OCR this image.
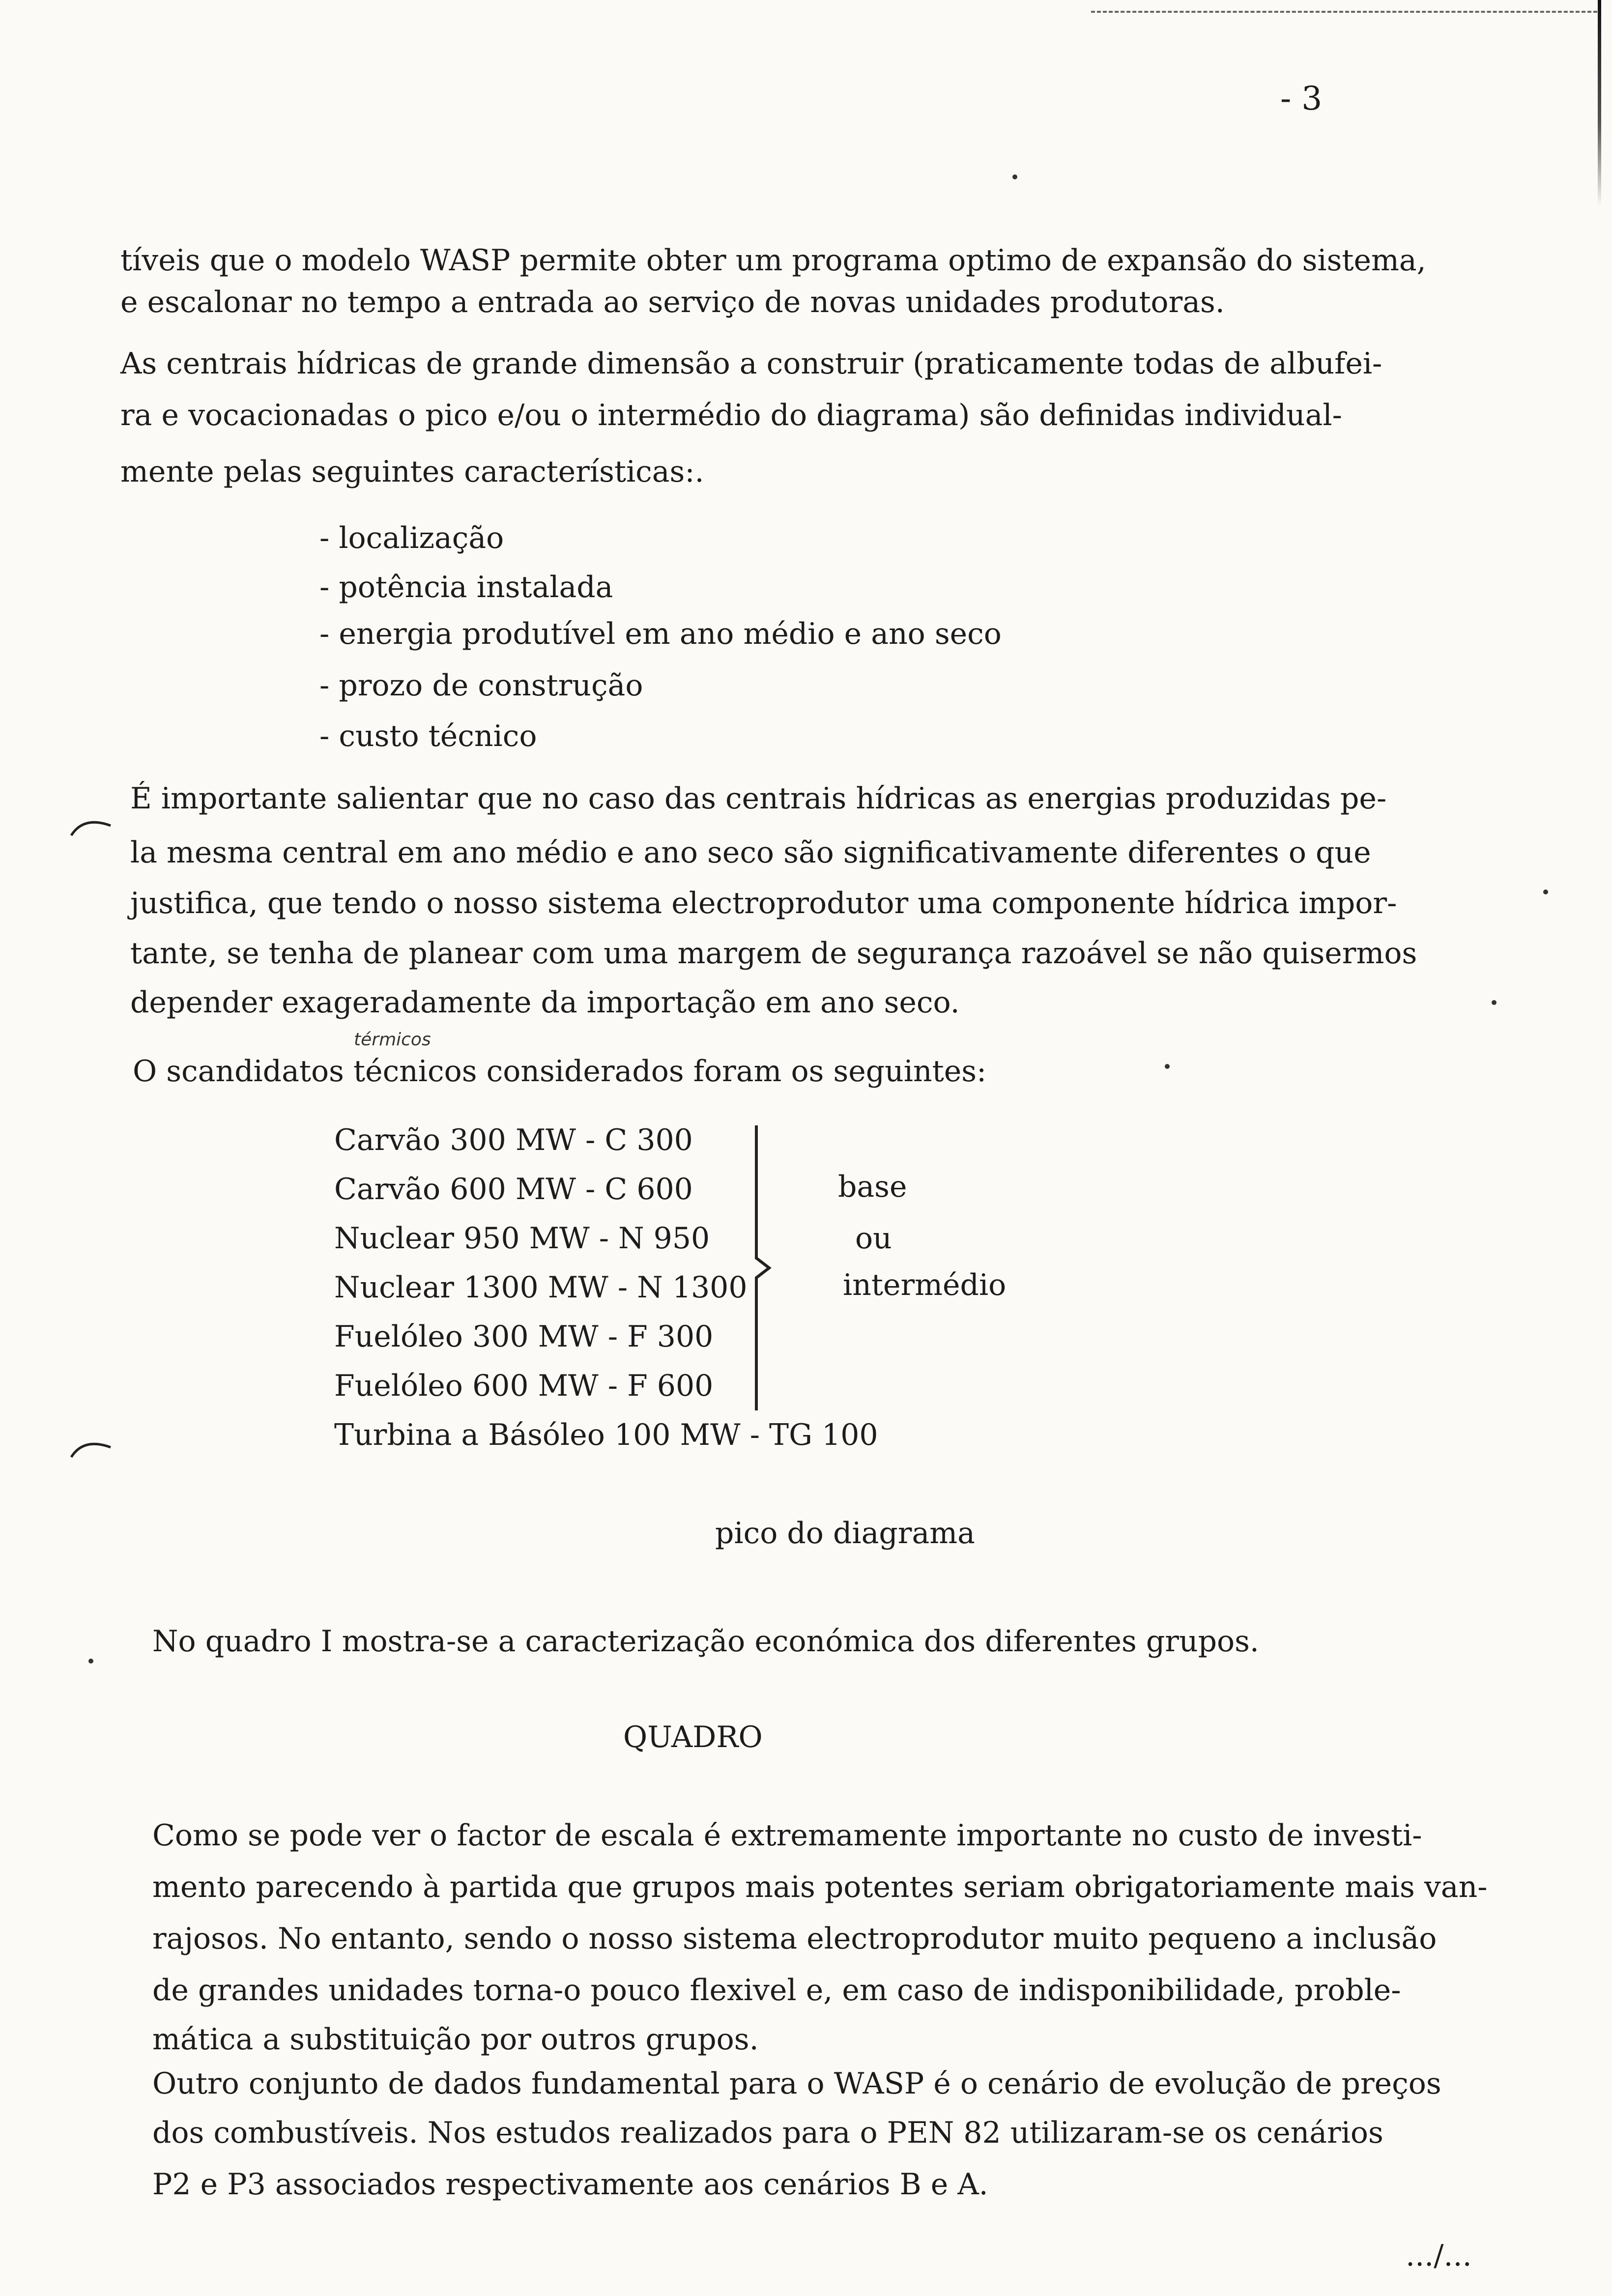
- 3
tíveis que o modelo WASP permite obter um programa optimo de expansão do sistema,
e escalonar no tempo a entrada ao serviço de novas unidades produtoras.
As centrais hídricas de grande dimensão a construir (praticamente todas de albufei-
ra e vocacionadas o pico e/ou o intermédio do diagrama) são definidas individual-
mente pelas seguintes características:.
- localização
- potência instalada
- energia produtível em ano médio e ano seco
- prozo de construção
- custo técnico
É importante salientar que no caso das centrais hídricas as energias produzidas pe-
la mesma central em ano médio e ano seco são significativamente diferentes o que
justifica, que tendo o nosso sistema electroprodutor uma componente hídrica impor-
tante, se tenha de planear com uma margem de segurança razoável se não quisermos
depender exageradamente da importação em ano seco.
térmicos
O scandidatos técnicos considerados foram os seguintes:
Carvão 300 MW - C 300
Carvão 600 MW - C 600
Nuclear 950 MW - N 950
Nuclear 1300 MW - N 1300
Fuelóleo 300 MW - F 300
Fuelóleo 600 MW - F 600
Turbina a Básóleo 100 MW - TG 100
base
ou
intermédio
pico do diagrama
No quadro I mostra-se a caracterização económica dos diferentes grupos.
QUADRO
Como se pode ver o factor de escala é extremamente importante no custo de investi-
mento parecendo à partida que grupos mais potentes seriam obrigatoriamente mais van-
rajosos. No entanto, sendo o nosso sistema electroprodutor muito pequeno a inclusão
de grandes unidades torna-o pouco flexivel e, em caso de indisponibilidade, proble-
mática a substituição por outros grupos.
Outro conjunto de dados fundamental para o WASP é o cenário de evolução de preços
dos combustíveis. Nos estudos realizados para o PEN 82 utilizaram-se os cenários
P2 e P3 associados respectivamente aos cenários B e A.
.../...
